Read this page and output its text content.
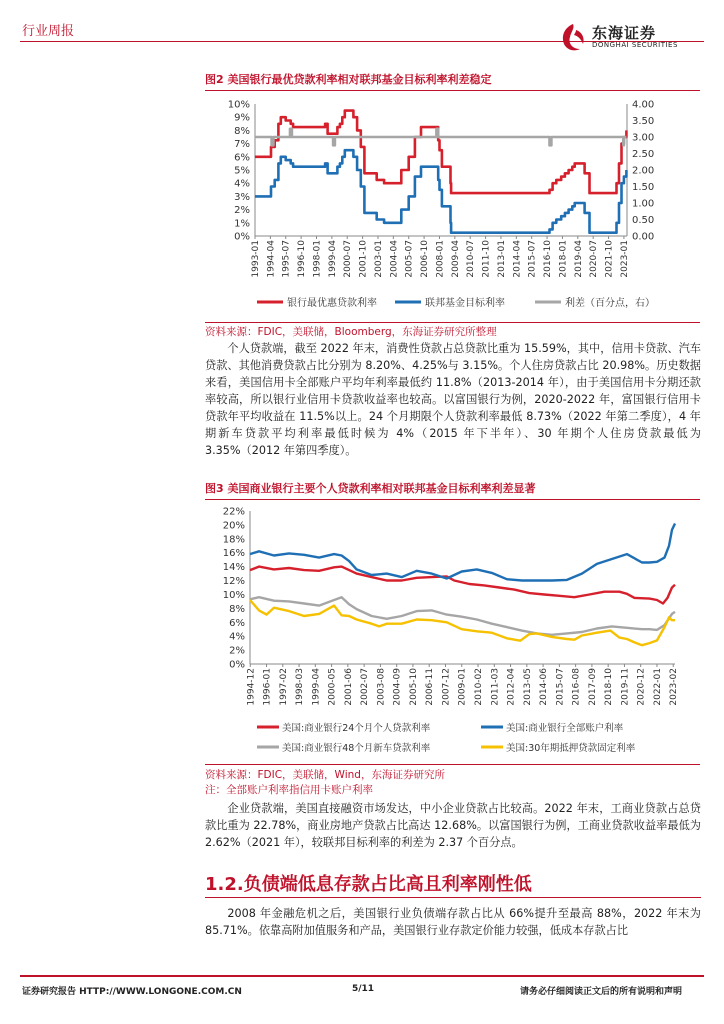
行业周报	东海证券
DONGHAI SECURITIES
图2 美国银行最优贷款利率相对联邦基金目标利率利差稳定
0%
1%
2%
3%
4%
5%
6%
7%
8%
9%
10%
0.00
0.50
1.00
1.50
2.00
2.50
3.00
3.50
4.00
1993-01 1994-04 1995-07 1996-10 1998-01 1999-04 2000-07 2001-10 2003-01 2004-04 2005-07 2006-10 2008-01 2009-04 2010-07 2011-10 2013-01 2014-04 2015-07 2016-10 2018-01 2019-04 2020-07 2021-10 2023-01
银行最优惠贷款利率	联邦基金目标利率	利差（百分点，右）
资料来源：FDIC，美联储，Bloomberg，东海证券研究所整理
个人贷款端，截至 2022 年末，消费性贷款占总贷款比重为 15.59%，其中，信用卡贷款、汽车贷款、其他消费贷款占比分别为 8.20%、4.25%与 3.15%。个人住房贷款占比 20.98%。历史数据来看，美国信用卡全部账户平均年利率最低约 11.8%（2013-2014 年），由于美国信用卡分期还款率较高，所以银行业信用卡贷款收益率也较高。以富国银行为例，2020-2022 年，富国银行信用卡贷款年平均收益在 11.5%以上。24 个月期限个人贷款利率最低 8.73%（2022 年第二季度），4 年期新车贷款平均利率最低时候为 4%（2015 年下半年）、30 年期个人住房贷款最低为 3.35%（2012 年第四季度）。
图3 美国商业银行主要个人贷款利率相对联邦基金目标利率利差显著
0%
2%
4%
6%
8%
10%
12%
14%
16%
18%
20%
22%
1994-12 1996-01 1997-02 1998-03 1999-04 2000-05 2001-06 2002-07 2003-08 2004-09 2005-10 2006-11 2007-12 2009-01 2010-02 2011-03 2012-04 2013-05 2014-06 2015-07 2016-08 2017-09 2018-10 2019-11 2020-12 2022-01 2023-02
美国:商业银行24个月个人贷款利率	美国:商业银行全部账户利率
美国:商业银行48个月新车贷款利率	美国:30年期抵押贷款固定利率
资料来源：FDIC，美联储，Wind，东海证券研究所
注：全部账户利率指信用卡账户利率
企业贷款端，美国直接融资市场发达，中小企业贷款占比较高。2022 年末，工商业贷款占总贷款比重为 22.78%，商业房地产贷款占比高达 12.68%。以富国银行为例，工商业贷款收益率最低为 2.62%（2021 年），较联邦目标利率的利差为 2.37 个百分点。
1.2.负债端低息存款占比高且利率刚性低
2008 年金融危机之后，美国银行业负债端存款占比从 66%提升至最高 88%，2022 年末为 85.71%。依靠高附加值服务和产品，美国银行业存款定价能力较强，低成本存款占比
证券研究报告 HTTP://WWW.LONGONE.COM.CN	5/11	请务必仔细阅读正文后的所有说明和声明
